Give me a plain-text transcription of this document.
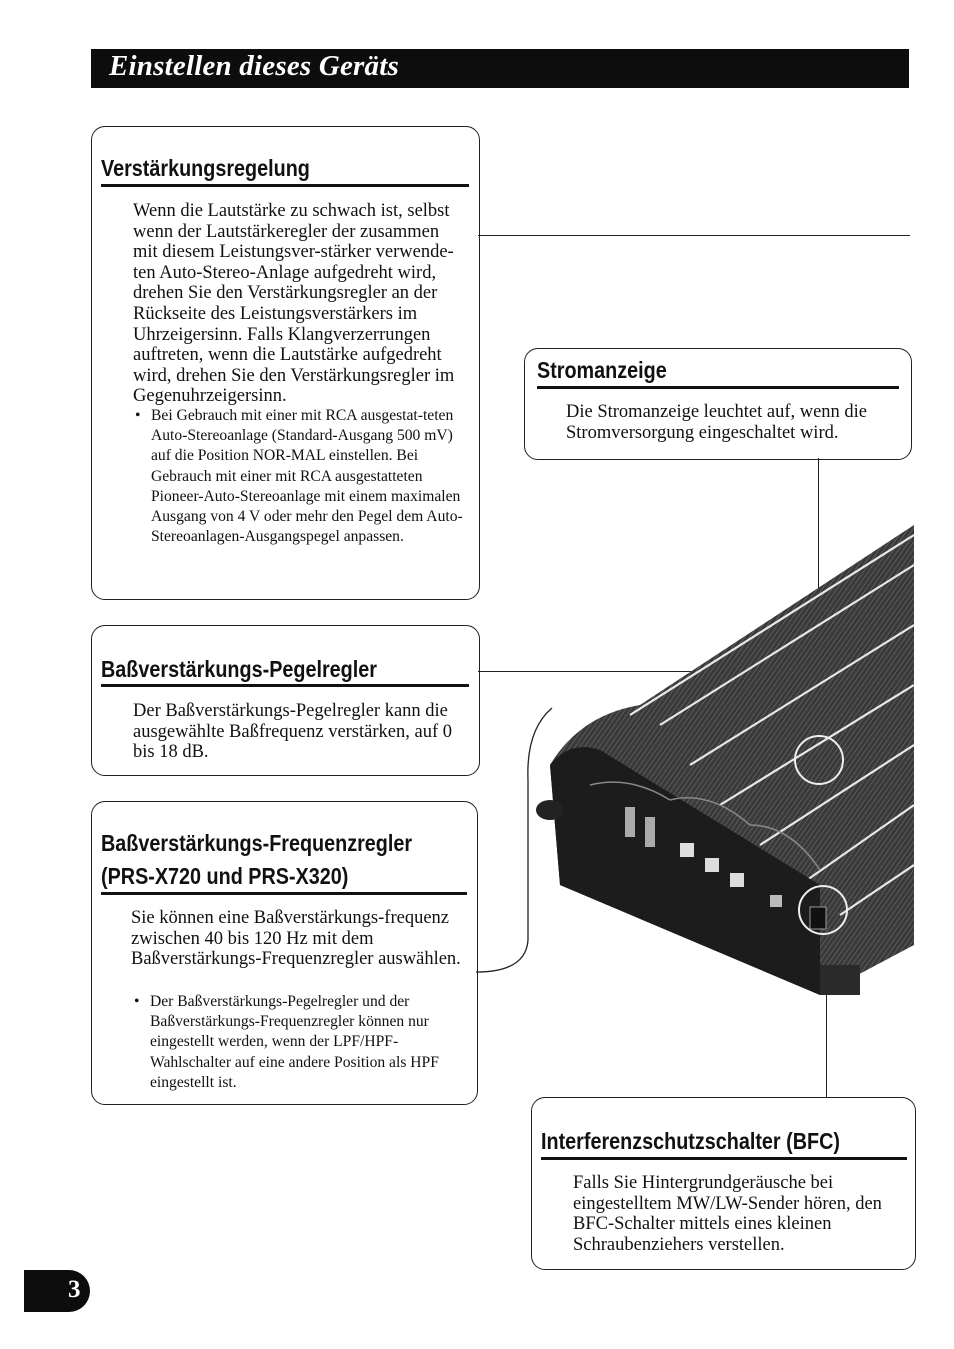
Einstellen dieses Geräts
Verstärkungsregelung

Wenn die Lautstärke zu schwach ist, selbst wenn der Lautstärkeregler der zusammen mit diesem Leistungsver-stärker verwende-ten Auto-Stereo-Anlage aufgedreht wird, drehen Sie den Verstärkungsregler an der Rückseite des Leistungsverstärkers im Uhrzeigersinn. Falls Klangverzerrungen auftreten, wenn die Lautstärke aufgedreht wird, drehen Sie den Verstärkungsregler im Gegenuhrzeigersinn.

• Bei Gebrauch mit einer mit RCA ausgestat-teten Auto-Stereoanlage (Standard-Ausgang 500 mV) auf die Position NOR-MAL einstellen. Bei Gebrauch mit einer mit RCA ausgestatteten Pioneer-Auto-Stereoanlage mit einem maximalen Ausgang von 4 V oder mehr den Pegel dem Auto-Stereoanlagen-Ausgangspegel anpassen.

Baßverstärkungs-Pegelregler

Der Baßverstärkungs-Pegelregler kann die ausgewählte Baßfrequenz verstärken, auf 0 bis 18 dB.

Baßverstärkungs-Frequenzregler
(PRS-X720 und PRS-X320)

Sie können eine Baßverstärkungs-frequenz zwischen 40 bis 120 Hz mit dem Baßverstärkungs-Frequenzregler auswählen.

• Der Baßverstärkungs-Pegelregler und der Baßverstärkungs-Frequenzregler können nur eingestellt werden, wenn der LPF/HPF-Wahlschalter auf eine andere Position als HPF eingestellt ist.

Stromanzeige

Die Stromanzeige leuchtet auf, wenn die Stromversorgung eingeschaltet wird.

Interferenzschutzschalter (BFC)

Falls Sie Hintergrundgeräusche bei eingestelltem MW/LW-Sender hören, den BFC-Schalter mittels eines kleinen Schraubenziehers verstellen.

3
